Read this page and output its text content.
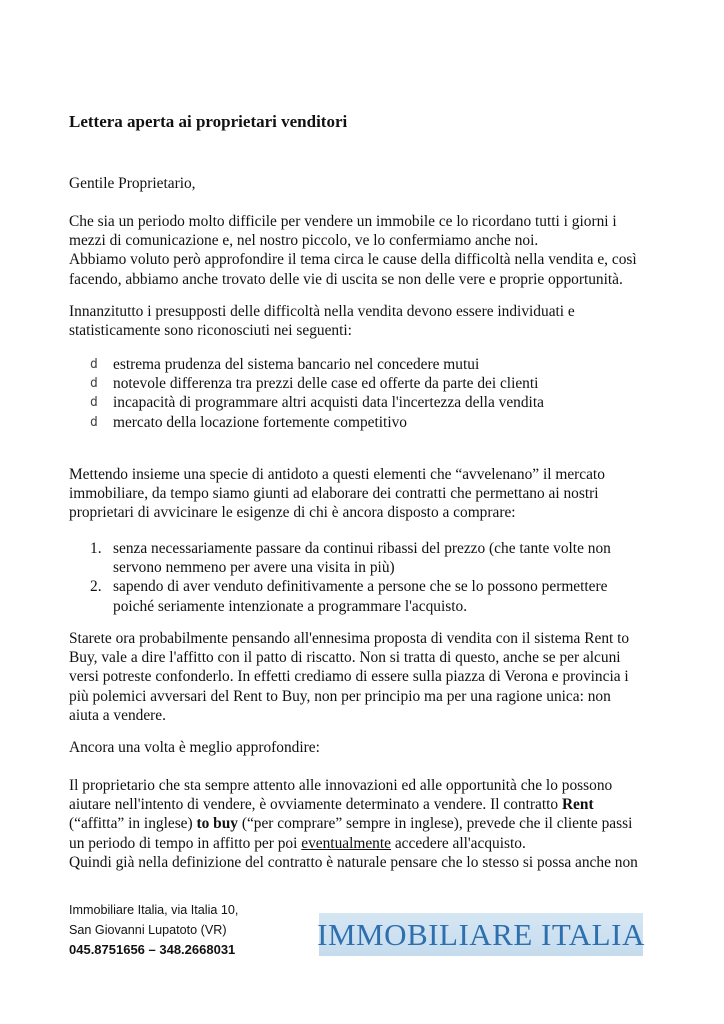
Lettera aperta ai proprietari venditori

Gentile Proprietario,

Che sia un periodo molto difficile per vendere un immobile ce lo ricordano tutti i giorni i
mezzi di comunicazione e, nel nostro piccolo, ve lo confermiamo anche noi.
Abbiamo voluto però approfondire il tema circa le cause della difficoltà nella vendita e, così
facendo, abbiamo anche trovato delle vie di uscita se non delle vere e proprie opportunità.

Innanzitutto i presupposti delle difficoltà nella vendita devono essere individuati e
statisticamente sono riconosciuti nei seguenti:

d estrema prudenza del sistema bancario nel concedere mutui
d notevole differenza tra prezzi delle case ed offerte da parte dei clienti
d incapacità di programmare altri acquisti data l'incertezza della vendita
d mercato della locazione fortemente competitivo

Mettendo insieme una specie di antidoto a questi elementi che “avvelenano” il mercato
immobiliare, da tempo siamo giunti ad elaborare dei contratti che permettano ai nostri
proprietari di avvicinare le esigenze di chi è ancora disposto a comprare:

1. senza necessariamente passare da continui ribassi del prezzo (che tante volte non
servono nemmeno per avere una visita in più)
2. sapendo di aver venduto definitivamente a persone che se lo possono permettere
poiché seriamente intenzionate a programmare l'acquisto.

Starete ora probabilmente pensando all'ennesima proposta di vendita con il sistema Rent to
Buy, vale a dire l'affitto con il patto di riscatto. Non si tratta di questo, anche se per alcuni
versi potreste confonderlo. In effetti crediamo di essere sulla piazza di Verona e provincia i
più polemici avversari del Rent to Buy, non per principio ma per una ragione unica: non
aiuta a vendere.

Ancora una volta è meglio approfondire:

Il proprietario che sta sempre attento alle innovazioni ed alle opportunità che lo possono
aiutare nell'intento di vendere, è ovviamente determinato a vendere. Il contratto Rent
(“affitta” in inglese) to buy (“per comprare” sempre in inglese), prevede che il cliente passi
un periodo di tempo in affitto per poi eventualmente accedere all'acquisto.
Quindi già nella definizione del contratto è naturale pensare che lo stesso si possa anche non

Immobiliare Italia, via Italia 10,
San Giovanni Lupatoto (VR)
045.8751656 – 348.2668031	IMMOBILIARE ITALIA
